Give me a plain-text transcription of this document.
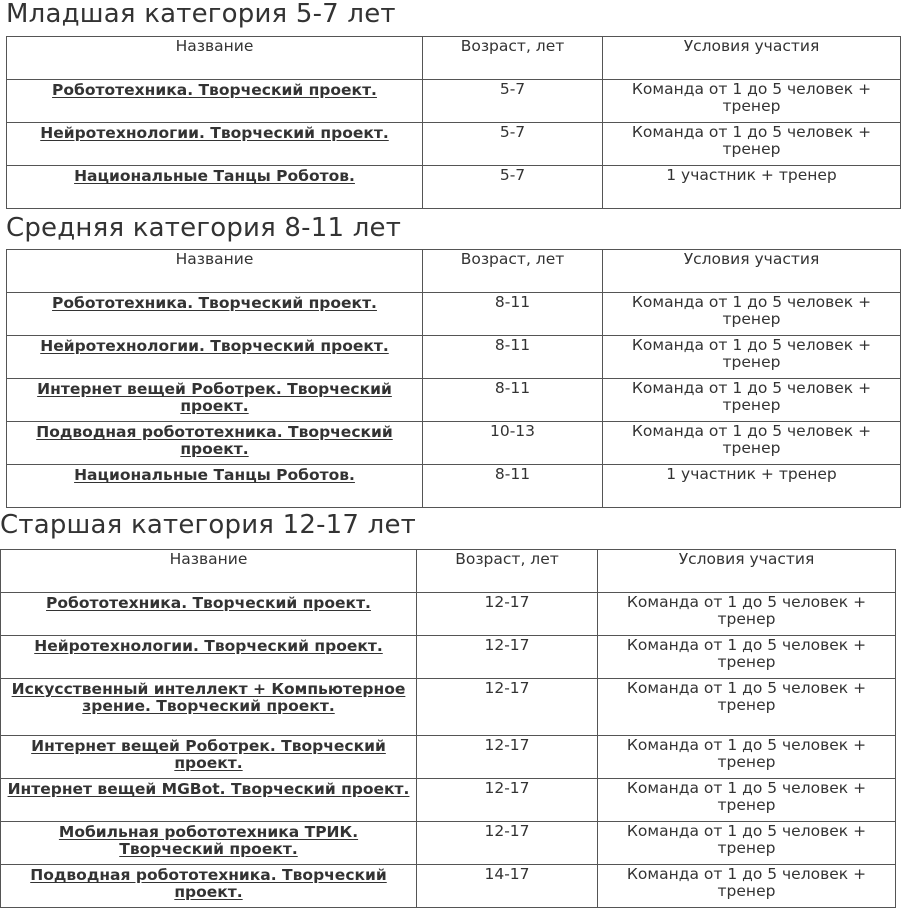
Младшая категория 5-7 лет
Название	Возраст, лет	Условия участия
Робототехника. Творческий проект.	5-7	Команда от 1 до 5 человек + тренер
Нейротехнологии. Творческий проект.	5-7	Команда от 1 до 5 человек + тренер
Национальные Танцы Роботов.	5-7	1 участник + тренер
Средняя категория 8-11 лет
Название	Возраст, лет	Условия участия
Робототехника. Творческий проект.	8-11	Команда от 1 до 5 человек + тренер
Нейротехнологии. Творческий проект.	8-11	Команда от 1 до 5 человек + тренер
Интернет вещей Роботрек. Творческий проект.	8-11	Команда от 1 до 5 человек + тренер
Подводная робототехника. Творческий проект.	10-13	Команда от 1 до 5 человек + тренер
Национальные Танцы Роботов.	8-11	1 участник + тренер
Старшая категория 12-17 лет
Название	Возраст, лет	Условия участия
Робототехника. Творческий проект.	12-17	Команда от 1 до 5 человек + тренер
Нейротехнологии. Творческий проект.	12-17	Команда от 1 до 5 человек + тренер
Искусственный интеллект + Компьютерное зрение. Творческий проект.	12-17	Команда от 1 до 5 человек + тренер
Интернет вещей Роботрек. Творческий проект.	12-17	Команда от 1 до 5 человек + тренер
Интернет вещей MGBot. Творческий проект.	12-17	Команда от 1 до 5 человек + тренер
Мобильная робототехника ТРИК. Творческий проект.	12-17	Команда от 1 до 5 человек + тренер
Подводная робототехника. Творческий проект.	14-17	Команда от 1 до 5 человек + тренер
